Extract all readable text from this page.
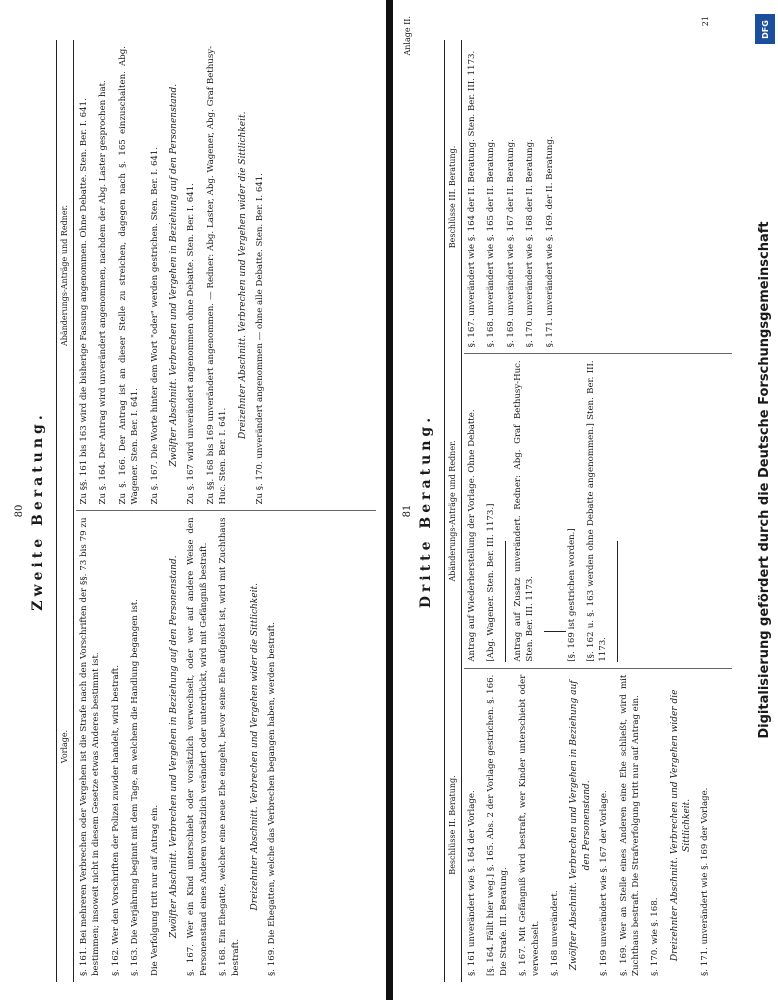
80 Zweite Beratung.
Vorlage.
Abänderungs-Anträge und Redner.

§. 161. Bei mehreren Verbrechen oder Vergehen ist die Strafe nach den Vorschriften der §§. 73 bis 79 zu bestimmen; insoweit nicht in diesem Gesetze etwas Anderes bestimmt ist. §. 162. Wer den Vorschriften der Polizei zuwider handelt, wird bestraft. §. 163. Die Verjährung beginnt mit dem Tage, an welchem die Handlung begangen ist. Die Verfolgung tritt nur auf Antrag ein. Zwölfter Abschnitt. Verbrechen und Vergehen in Beziehung auf den Personenstand. §. 167. Wer ein Kind unterschiebt oder vorsätzlich verwechselt, oder wer auf andere Weise den Personenstand eines Anderen vorsätzlich verändert oder unterdrückt, wird mit Gefängniß bestraft. §. 168. Ein Ehegatte, welcher eine neue Ehe eingeht, bevor seine Ehe aufgelöst ist, wird mit Zuchthaus bestraft.

Dreizehnter Abschnitt. Verbrechen und Vergehen wider die Sittlichkeit. §. 169. Die Ehegatten, welche das Verbrechen begangen haben, werden bestraft.

Zu §§. 161 bis 163 wird die bisherige Fassung angenommen. Ohne Debatte. Sten. Ber. I. 641. Zu §. 164. Der Antrag wird unverändert angenommen, nachdem der Abg. Laster gesprochen hat. Zu §. 166. Der Antrag ist an dieser Stelle zu streichen, dagegen nach §. 165 einzuschalten. Abg. Wagener. Sten. Ber. I. 641. Zu §. 167. Die Worte hinter dem Wort "oder" werden gestrichen. Sten. Ber. I. 641. Zwölfter Abschnitt. Verbrechen und Vergehen in Beziehung auf den Personenstand. Zu §. 167 wird unverändert angenommen ohne Debatte. Sten. Ber. I. 641. Zu §§. 168 bis 169 unverändert angenommen. — Redner: Abg. Laster, Abg. Wagener, Abg. Graf Bethusy-Huc. Sten. Ber. I. 641.

Dreizehnter Abschnitt. Verbrechen und Vergehen wider die Sittlichkeit. Zu §. 170. unverändert angenommen — ohne alle Debatte. Sten. Ber. I. 641.

81
Anlage II.
Dritte Beratung.
Beschlüsse II. Beratung.
Abänderungs-Anträge und Redner.
Beschlüsse III. Beratung.

§. 161 unverändert wie §. 164 der Vorlage. [§. 164. Fällt hier weg.] §. 165. Abs. 2 der Vorlage gestrichen. §. 166. Die Strafe. III. Beratung. §. 167. Mit Gefängniß wird bestraft, wer Kinder unterschiebt oder verwechselt. §. 168 unverändert. Zwölfter Abschnitt. Verbrechen und Vergehen in Beziehung auf den Personenstand. §. 169 unverändert wie §. 167 der Vorlage. §. 169. Wer an Stelle eines Anderen eine Ehe schließt, wird mit Zuchthaus bestraft. Die Strafverfolgung tritt nur auf Antrag ein. §. 170. wie §. 168. Dreizehnter Abschnitt. Verbrechen und Vergehen wider die Sittlichkeit. §. 171. unverändert wie §. 169 der Vorlage.

Antrag auf Wiederherstellung der Vorlage. Ohne Debatte. [Abg. Wagener. Sten. Ber. III. 1173.] Antrag auf Zusatz unverändert. Redner: Abg. Graf Bethusy-Huc. Sten. Ber. III. 1173.	[§. 169 ist gestrichen worden.] [§. 162 u. §. 163 werden ohne Debatte angenommen.] Sten. Ber. III. 1173.

§. 167. unverändert wie §. 164 der II. Beratung. Sten. Ber. III. 1173. §. 168. unverändert wie §. 165 der II. Beratung. §. 169. unverändert wie §. 167 der II. Beratung. §. 170. unverändert wie §. 168 der II. Beratung. §. 171. unverändert wie §. 169. der II. Beratung.

21	DFG
Digitalisierung gefördert durch die Deutsche Forschungsgemeinschaft
